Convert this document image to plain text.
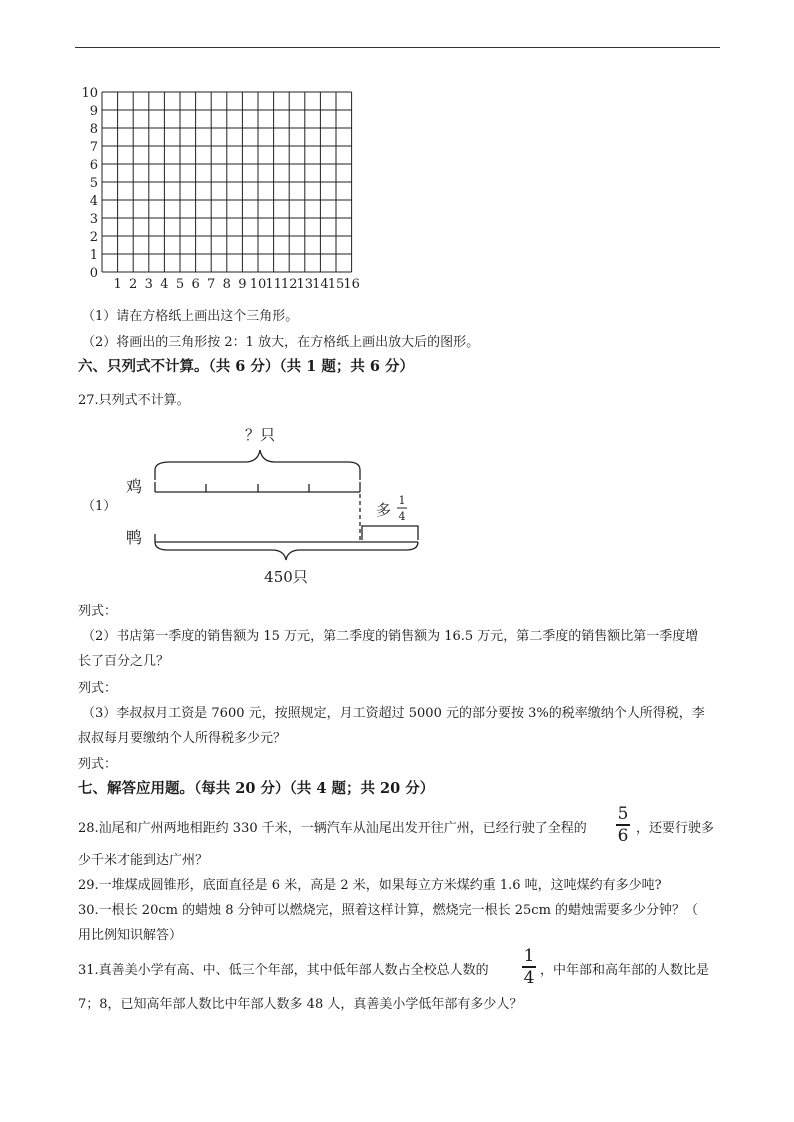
1 2 3 4 5 6 7 8 9 10 11 12 13 14 15 16
0
1
2
3
4
5
6
7
8
9
10
（1）请在方格纸上画出这个三角形。
（2）将画出的三角形按 2：1 放大，在方格纸上画出放大后的图形。
六、只列式不计算。（共 6 分）（共 1 题；共 6 分）
27.只列式不计算。
（1）
？只
鸡
鸭
多
1
4
450只
列式：
（2）书店第一季度的销售额为 15 万元，第二季度的销售额为 16.5 万元，第二季度的销售额比第一季度增
长了百分之几？
列式：
（3）李叔叔月工资是 7600 元，按照规定，月工资超过 5000 元的部分要按 3%的税率缴纳个人所得税，李
叔叔每月要缴纳个人所得税多少元？
列式：
七、解答应用题。（每共 20 分）（共 4 题；共 20 分）
28.汕尾和广州两地相距约 330 千米，一辆汽车从汕尾出发开往广州，已经行驶了全程的
5
6 ，还要行驶多
少千米才能到达广州？
29.一堆煤成圆锥形，底面直径是 6 米，高是 2 米，如果每立方米煤约重 1.6 吨，这吨煤约有多少吨?
30.一根长 20cm 的蜡烛 8 分钟可以燃烧完，照着这样计算，燃烧完一根长 25cm 的蜡烛需要多少分钟？（
用比例知识解答）
31.真善美小学有高、中、低三个年部，其中低年部人数占全校总人数的
1
4 ，中年部和高年部的人数比是
7；8，已知高年部人数比中年部人数多 48 人，真善美小学低年部有多少人？
